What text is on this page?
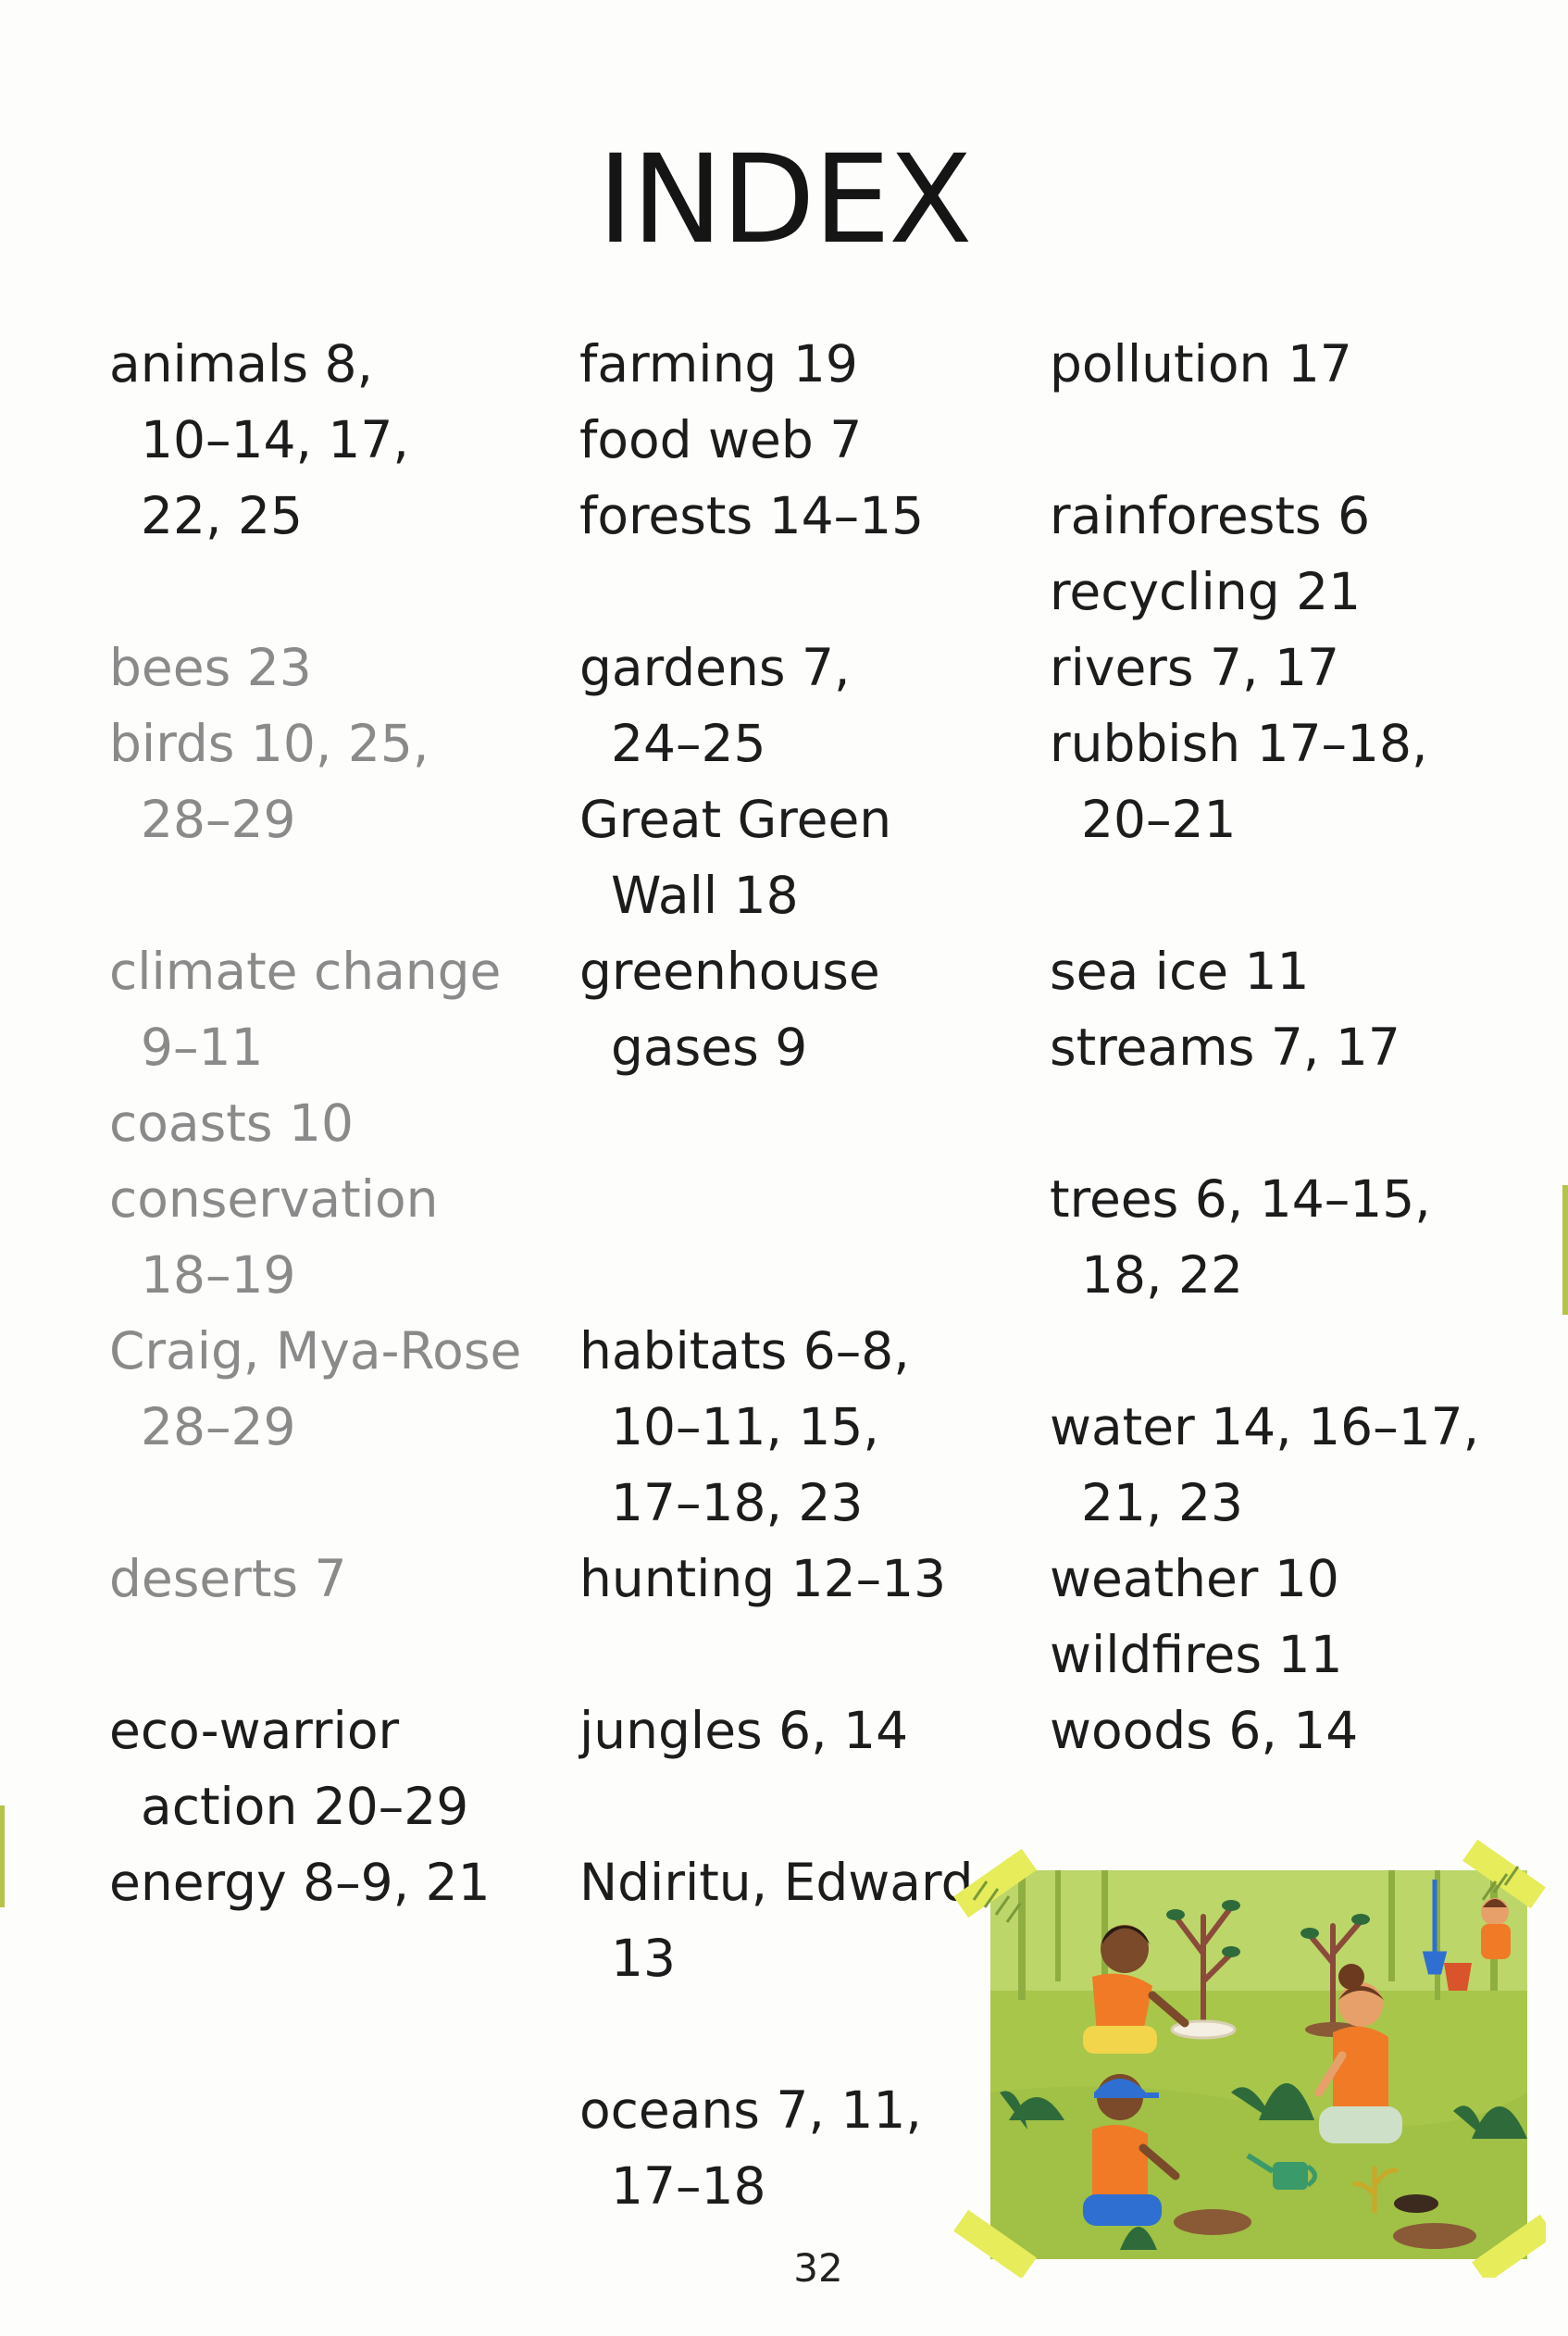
INDEX
animals 8,
10–14, 17,
22, 25
bees 23
birds 10, 25,
28–29
climate change
9–11
coasts 10
conservation
18–19
Craig, Mya-Rose
28–29
deserts 7
eco-warrior
action 20–29
energy 8–9, 21
farming 19
food web 7
forests 14–15
gardens 7,
24–25
Great Green
Wall 18
greenhouse
gases 9
habitats 6–8,
10–11, 15,
17–18, 23
hunting 12–13
jungles 6, 14
Ndiritu, Edward
13
oceans 7, 11,
17–18
pollution 17
rainforests 6
recycling 21
rivers 7, 17
rubbish 17–18,
20–21
sea ice 11
streams 7, 17
trees 6, 14–15,
18, 22
water 14, 16–17,
21, 23
weather 10
wildfires 11
woods 6, 14
32
